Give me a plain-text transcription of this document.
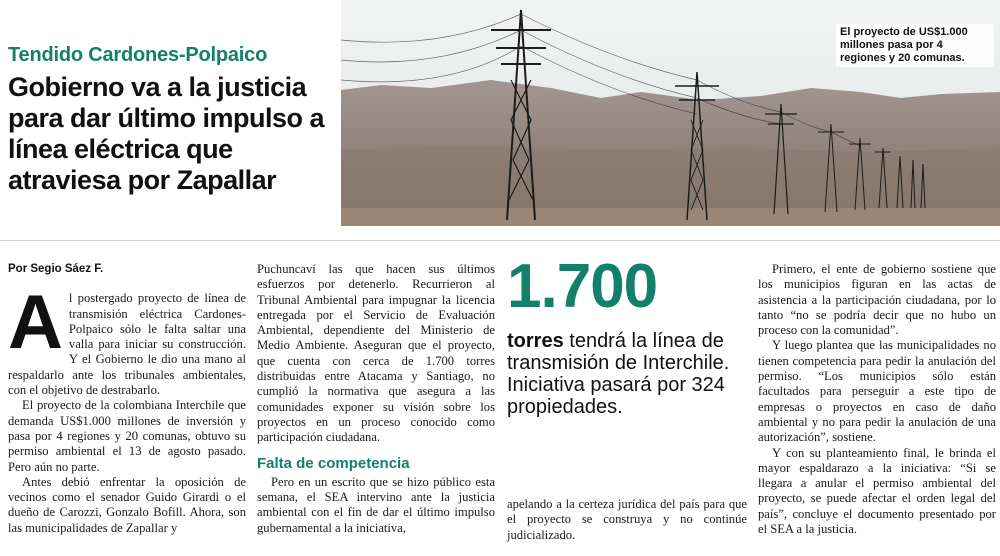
Tendido Cardones-Polpaico
Gobierno va a la justicia para dar último impulso a línea eléctrica que atraviesa por Zapallar
El proyecto de US$1.000 millones pasa por 4 regiones y 20 comunas.
Por Segio Sáez F.

Al postergado proyecto de línea de transmisión eléctrica Cardones-Polpaico sólo le falta saltar una valla para iniciar su construcción. Y el Gobierno le dio una mano al respaldarlo ante los tribunales ambientales, con el objetivo de destrabarlo.

El proyecto de la colombiana Interchile que demanda US$1.000 millones de inversión y pasa por 4 regiones y 20 comunas, obtuvo su permiso ambiental el 13 de agosto pasado. Pero aún no parte.

Antes debió enfrentar la oposición de vecinos como el senador Guido Girardi o el dueño de Carozzi, Gonzalo Bofill. Ahora, son las municipalidades de Zapallar y

Puchuncaví las que hacen sus últimos esfuerzos por detenerlo. Recurrieron al Tribunal Ambiental para impugnar la licencia entregada por el Servicio de Evaluación Ambiental, dependiente del Ministerio de Medio Ambiente. Aseguran que el proyecto, que cuenta con cerca de 1.700 torres distribuidas entre Atacama y Santiago, no cumplió la normativa que asegura a las comunidades exponer su visión sobre los proyectos en un proceso conocido como participación ciudadana.

Falta de competencia

Pero en un escrito que se hizo público esta semana, el SEA intervino ante la justicia ambiental con el fin de dar el último impulso gubernamental a la iniciativa,

1.700
torres tendrá la línea de transmisión de Interchile.
Iniciativa pasará por 324 propiedades.

apelando a la certeza jurídica del país para que el proyecto se construya y no continúe judicializado.

Primero, el ente de gobierno sostiene que los municipios figuran en las actas de asistencia a la participación ciudadana, por lo tanto “no se podría decir que no hubo un proceso con la comunidad”.

Y luego plantea que las municipalidades no tienen competencia para pedir la anulación del permiso. “Los municipios sólo están facultados para perseguir a este tipo de empresas o proyectos en caso de daño ambiental y no para pedir la anulación de una autorización”, sostiene.

Y con su planteamiento final, le brinda el mayor espaldarazo a la iniciativa: “Si se llegara a anular el permiso ambiental del proyecto, se puede afectar el orden legal del país”, concluye el documento presentado por el SEA a la justicia.
